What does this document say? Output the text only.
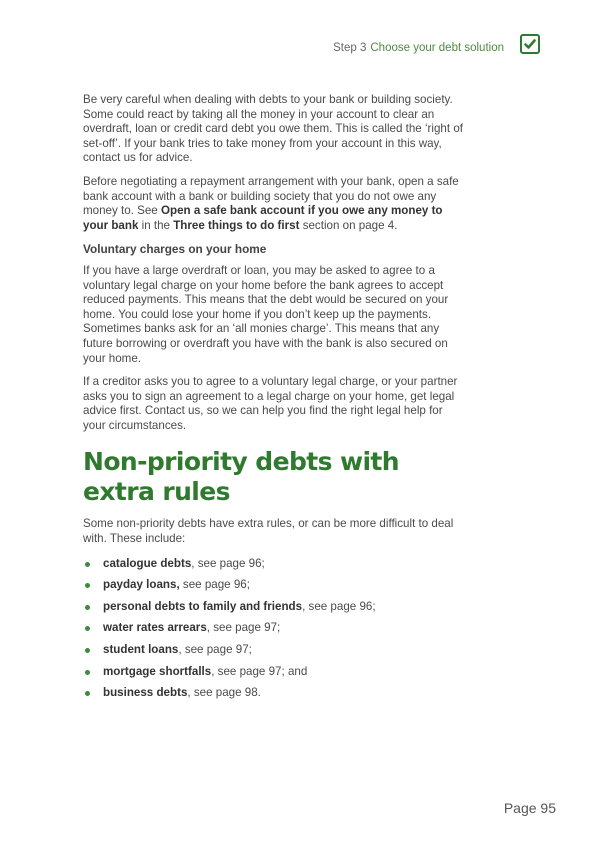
Step 3 Choose your debt solution

Be very careful when dealing with debts to your bank or building society. Some could react by taking all the money in your account to clear an overdraft, loan or credit card debt you owe them. This is called the ‘right of set-off’. If your bank tries to take money from your account in this way, contact us for advice.

Before negotiating a repayment arrangement with your bank, open a safe bank account with a bank or building society that you do not owe any money to. See Open a safe bank account if you owe any money to your bank in the Three things to do first section on page 4.

Voluntary charges on your home

If you have a large overdraft or loan, you may be asked to agree to a voluntary legal charge on your home before the bank agrees to accept reduced payments. This means that the debt would be secured on your home. You could lose your home if you don’t keep up the payments. Sometimes banks ask for an ‘all monies charge’. This means that any future borrowing or overdraft you have with the bank is also secured on your home.

If a creditor asks you to agree to a voluntary legal charge, or your partner asks you to sign an agreement to a legal charge on your home, get legal advice first. Contact us, so we can help you find the right legal help for your circumstances.

Non-priority debts with extra rules

Some non-priority debts have extra rules, or can be more difficult to deal with. These include:

catalogue debts, see page 96;
payday loans, see page 96;
personal debts to family and friends, see page 96;
water rates arrears, see page 97;
student loans, see page 97;
mortgage shortfalls, see page 97; and
business debts, see page 98.
Page 95
